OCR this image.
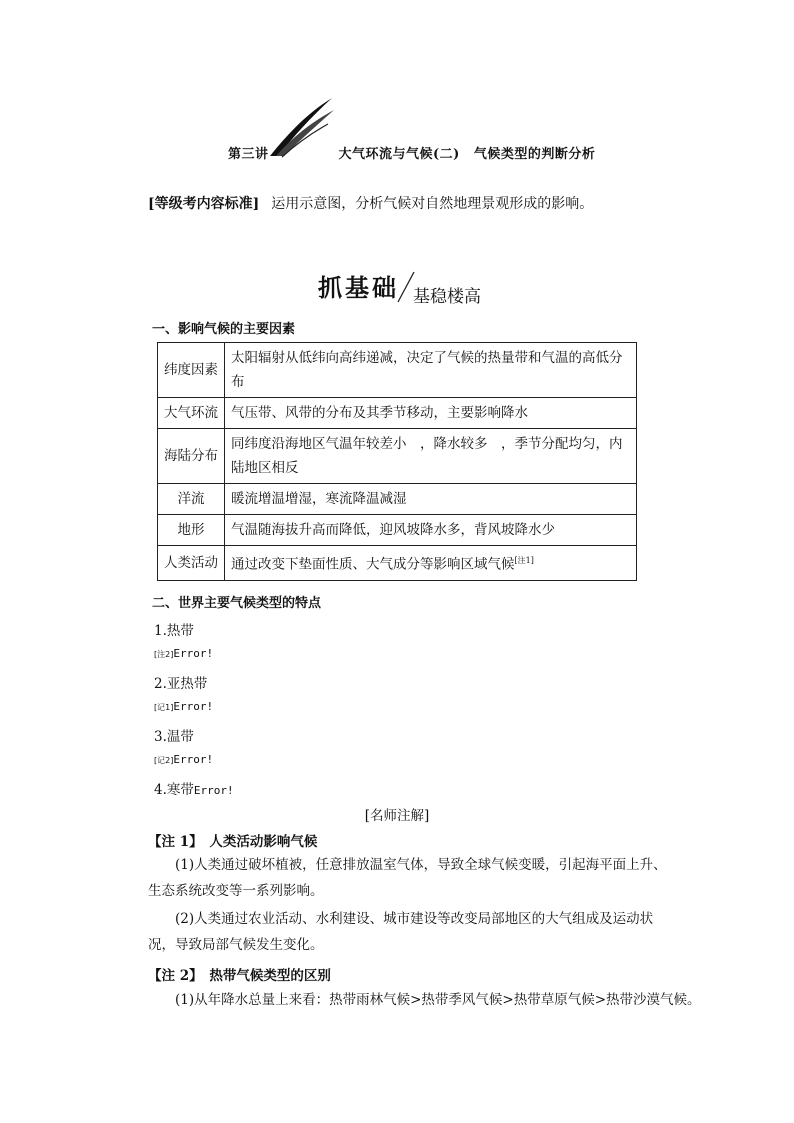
第三讲	大气环流与气候(二) 气候类型的判断分析
[等级考内容标准] 运用示意图，分析气候对自然地理景观形成的影响。
抓基础 基稳楼高
一、影响气候的主要因素
纬度因素	太阳辐射从低纬向高纬递减，决定了气候的热量带和气温的高低分布
大气环流	气压带、风带的分布及其季节移动，主要影响降水
海陆分布	同纬度沿海地区气温年较差小　，降水较多　，季节分配均匀，内陆地区相反
洋流	暖流增温增湿，寒流降温减湿
地形	气温随海拔升高而降低，迎风坡降水多，背风坡降水少
人类活动	通过改变下垫面性质、大气成分等影响区域气候[注1]
二、世界主要气候类型的特点
1.热带
[注2]Error!
2.亚热带
[记1]Error!
3.温带
[记2]Error!
4.寒带Error!
[名师注解]
【注 1】　人类活动影响气候
(1)人类通过破坏植被，任意排放温室气体，导致全球气候变暖，引起海平面上升、生态系统改变等一系列影响。
(2)人类通过农业活动、水利建设、城市建设等改变局部地区的大气组成及运动状况，导致局部气候发生变化。
【注 2】　热带气候类型的区别
(1)从年降水总量上来看：热带雨林气候>热带季风气候>热带草原气候>热带沙漠气候。
